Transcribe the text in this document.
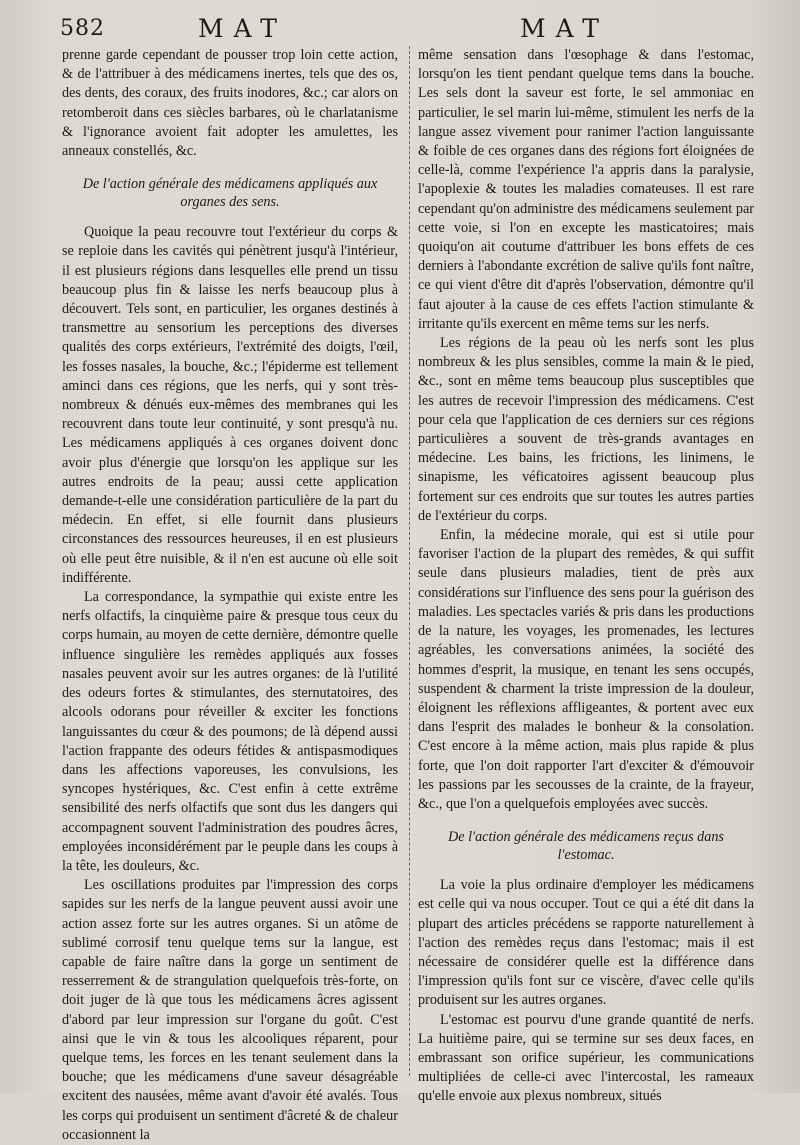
582	MAT	MAT

prenne garde cependant de pousser trop loin cette action, & de l'attribuer à des médicamens inertes, tels que des os, des dents, des coraux, des fruits inodores, &c.; car alors on retomberoit dans ces siècles barbares, où le charlatanisme & l'ignorance avoient fait adopter les amulettes, les anneaux constellés, &c.

De l'action générale des médicamens appliqués aux organes des sens.

Quoique la peau recouvre tout l'extérieur du corps & se reploie dans les cavités qui pénètrent jusqu'à l'intérieur, il est plusieurs régions dans lesquelles elle prend un tissu beaucoup plus fin & laisse les nerfs beaucoup plus à découvert. Tels sont, en particulier, les organes destinés à transmettre au sensorium les perceptions des diverses qualités des corps extérieurs, l'extrémité des doigts, l'œil, les fosses nasales, la bouche, &c.; l'épiderme est tellement aminci dans ces régions, que les nerfs, qui y sont très-nombreux & dénués eux-mêmes des membranes qui les recouvrent dans toute leur continuité, y sont presqu'à nu. Les médicamens appliqués à ces organes doivent donc avoir plus d'énergie que lorsqu'on les applique sur les autres endroits de la peau; aussi cette application demande-t-elle une considération particulière de la part du médecin. En effet, si elle fournit dans plusieurs circonstances des ressources heureuses, il en est plusieurs où elle peut être nuisible, & il n'en est aucune où elle soit indifférente.

La correspondance, la sympathie qui existe entre les nerfs olfactifs, la cinquième paire & presque tous ceux du corps humain, au moyen de cette dernière, démontre quelle influence singulière les remèdes appliqués aux fosses nasales peuvent avoir sur les autres organes: de là l'utilité des odeurs fortes & stimulantes, des sternutatoires, des alcools odorans pour réveiller & exciter les fonctions languissantes du cœur & des poumons; de là dépend aussi l'action frappante des odeurs fétides & antispasmodiques dans les affections vaporeuses, les convulsions, les syncopes hystériques, &c. C'est enfin à cette extrême sensibilité des nerfs olfactifs que sont dus les dangers qui accompagnent souvent l'administration des poudres âcres, employées inconsidérément par le peuple dans les coups à la tête, les douleurs, &c.

Les oscillations produites par l'impression des corps sapides sur les nerfs de la langue peuvent aussi avoir une action assez forte sur les autres organes. Si un atôme de sublimé corrosif tenu quelque tems sur la langue, est capable de faire naître dans la gorge un sentiment de resserrement & de strangulation quelquefois très-forte, on doit juger de là que tous les médicamens âcres agissent d'abord par leur impression sur l'organe du goût. C'est ainsi que le vin & tous les alcooliques réparent, pour quelque tems, les forces en les tenant seulement dans la bouche; que les médicamens d'une saveur désagréable excitent des nausées, même avant d'avoir été avalés. Tous les corps qui produisent un sentiment d'âcreté & de chaleur occasionnent la

même sensation dans l'œsophage & dans l'estomac, lorsqu'on les tient pendant quelque tems dans la bouche. Les sels dont la saveur est forte, le sel ammoniac en particulier, le sel marin lui-même, stimulent les nerfs de la langue assez vivement pour ranimer l'action languissante & foible de ces organes dans des régions fort éloignées de celle-là, comme l'expérience l'a appris dans la paralysie, l'apoplexie & toutes les maladies comateuses. Il est rare cependant qu'on administre des médicamens seulement par cette voie, si l'on en excepte les masticatoires; mais quoiqu'on ait coutume d'attribuer les bons effets de ces derniers à l'abondante excrétion de salive qu'ils font naître, ce qui vient d'être dit d'après l'observation, démontre qu'il faut ajouter à la cause de ces effets l'action stimulante & irritante qu'ils exercent en même tems sur les nerfs.

Les régions de la peau où les nerfs sont les plus nombreux & les plus sensibles, comme la main & le pied, &c., sont en même tems beaucoup plus susceptibles que les autres de recevoir l'impression des médicamens. C'est pour cela que l'application de ces derniers sur ces régions particulières a souvent de très-grands avantages en médecine. Les bains, les frictions, les linimens, le sinapisme, les véficatoires agissent beaucoup plus fortement sur ces endroits que sur toutes les autres parties de l'extérieur du corps.

Enfin, la médecine morale, qui est si utile pour favoriser l'action de la plupart des remèdes, & qui suffit seule dans plusieurs maladies, tient de près aux considérations sur l'influence des sens pour la guérison des maladies. Les spectacles variés & pris dans les productions de la nature, les voyages, les promenades, les lectures agréables, les conversations animées, la société des hommes d'esprit, la musique, en tenant les sens occupés, suspendent & charment la triste impression de la douleur, éloignent les réflexions affligeantes, & portent avec eux dans l'esprit des malades le bonheur & la consolation. C'est encore à la même action, mais plus rapide & plus forte, que l'on doit rapporter l'art d'exciter & d'émouvoir les passions par les secousses de la crainte, de la frayeur, &c., que l'on a quelquefois employées avec succès.

De l'action générale des médicamens reçus dans l'estomac.

La voie la plus ordinaire d'employer les médicamens est celle qui va nous occuper. Tout ce qui a été dit dans la plupart des articles précédens se rapporte naturellement à l'action des remèdes reçus dans l'estomac; mais il est nécessaire de considérer quelle est la différence dans l'impression qu'ils font sur ce viscère, d'avec celle qu'ils produisent sur les autres organes.

L'estomac est pourvu d'une grande quantité de nerfs. La huitième paire, qui se termine sur ses deux faces, en embrassant son orifice supérieur, les communications multipliées de celle-ci avec l'intercostal, les rameaux qu'elle envoie aux plexus nombreux, situés
